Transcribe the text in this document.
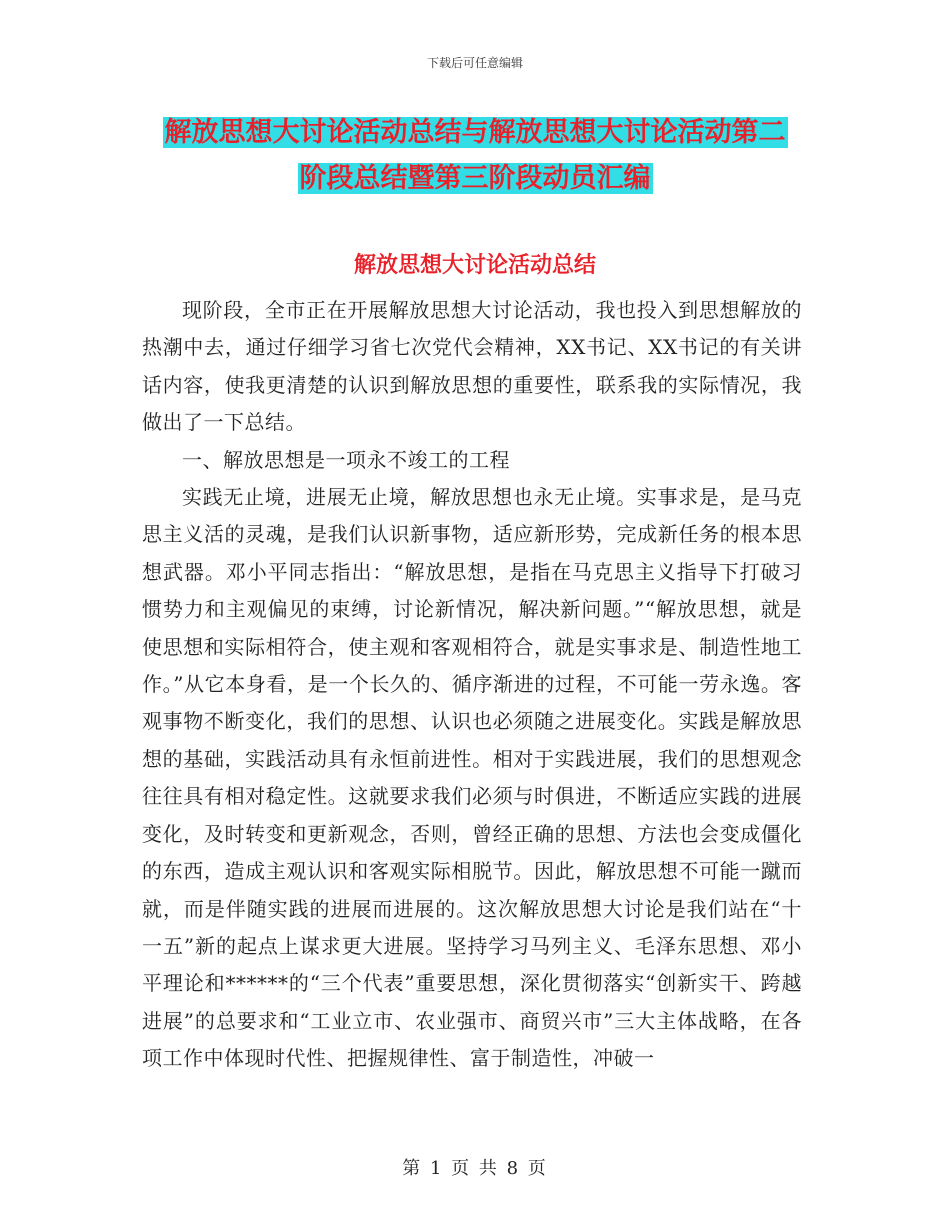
下载后可任意编辑
解放思想大讨论活动总结与解放思想大讨论活动第二
阶段总结暨第三阶段动员汇编
解放思想大讨论活动总结

现阶段，全市正在开展解放思想大讨论活动，我也投入到思想解放的热潮中去，通过仔细学习省七次党代会精神，XX书记、XX书记的有关讲话内容，使我更清楚的认识到解放思想的重要性，联系我的实际情况，我做出了一下总结。

一、解放思想是一项永不竣工的工程

实践无止境，进展无止境，解放思想也永无止境。实事求是，是马克思主义活的灵魂，是我们认识新事物，适应新形势，完成新任务的根本思想武器。邓小平同志指出：“解放思想，是指在马克思主义指导下打破习惯势力和主观偏见的束缚，讨论新情况，解决新问题。”“解放思想，就是使思想和实际相符合，使主观和客观相符合，就是实事求是、制造性地工作。”从它本身看，是一个长久的、循序渐进的过程，不可能一劳永逸。客观事物不断变化，我们的思想、认识也必须随之进展变化。实践是解放思想的基础，实践活动具有永恒前进性。相对于实践进展，我们的思想观念往往具有相对稳定性。这就要求我们必须与时俱进，不断适应实践的进展变化，及时转变和更新观念，否则，曾经正确的思想、方法也会变成僵化的东西，造成主观认识和客观实际相脱节。因此，解放思想不可能一蹴而就，而是伴随实践的进展而进展的。这次解放思想大讨论是我们站在“十一五”新的起点上谋求更大进展。坚持学习马列主义、毛泽东思想、邓小平理论和******的“三个代表”重要思想，深化贯彻落实“创新实干、跨越进展”的总要求和“工业立市、农业强市、商贸兴市”三大主体战略，在各项工作中体现时代性、把握规律性、富于制造性，冲破一

第 1 页 共 8 页
